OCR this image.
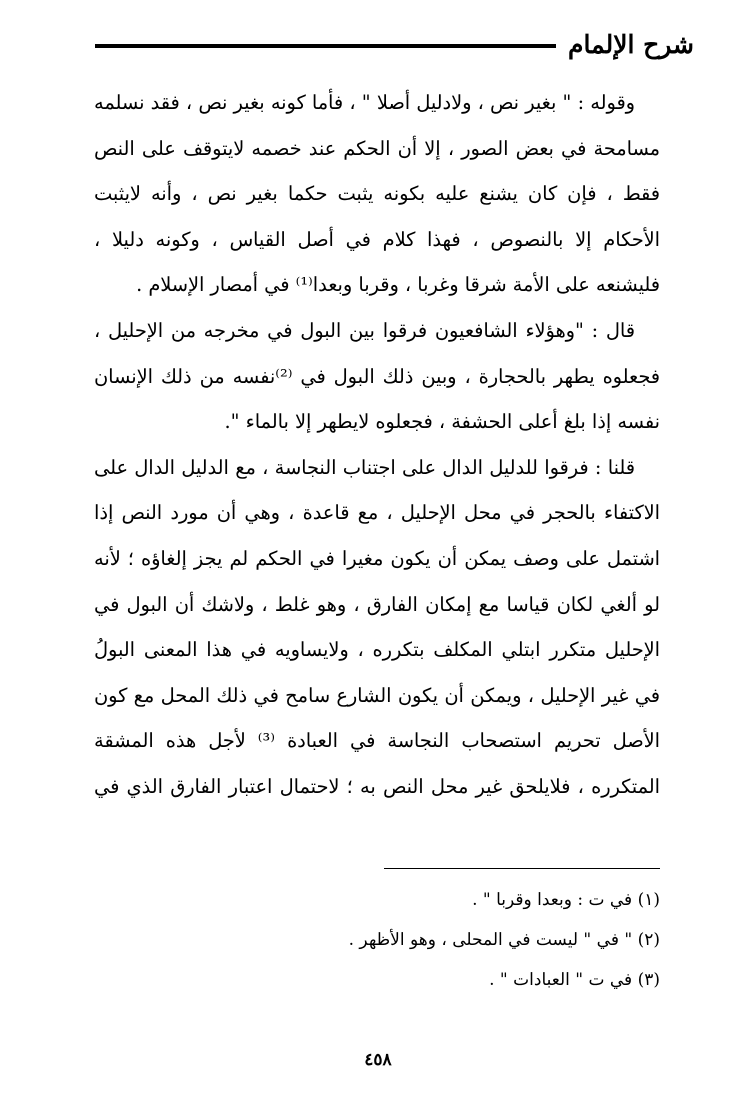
شرح الإلمام

وقوله : " بغير نص ، ولادليل أصلا " ، فأما كونه بغير نص ، فقد نسلمه مسامحة في بعض الصور ، إلا أن الحكم عند خصمه لايتوقف على النص فقط ، فإن كان يشنع عليه بكونه يثبت حكما بغير نص ، وأنه لايثبت الأحكام إلا بالنصوص ، فهذا كلام في أصل القياس ، وكونه دليلا ، فليشنعه على الأمة شرقا وغربا ، وقربا وبعدا⁽¹⁾ في أمصار الإسلام .

قال : "وهؤلاء الشافعيون فرقوا بين البول في مخرجه من الإحليل ، فجعلوه يطهر بالحجارة ، وبين ذلك البول في ⁽²⁾نفسه من ذلك الإنسان نفسه إذا بلغ أعلى الحشفة ، فجعلوه لايطهر إلا بالماء ".

قلنا : فرقوا للدليل الدال على اجتناب النجاسة ، مع الدليل الدال على الاكتفاء بالحجر في محل الإحليل ، مع قاعدة ، وهي أن مورد النص إذا اشتمل على وصف يمكن أن يكون مغيرا في الحكم لم يجز إلغاؤه ؛ لأنه لو ألغي لكان قياسا مع إمكان الفارق ، وهو غلط ، ولاشك أن البول في الإحليل متكرر ابتلي المكلف بتكرره ، ولايساويه في هذا المعنى البولُ في غير الإحليل ، ويمكن أن يكون الشارع سامح في ذلك المحل مع كون الأصل تحريم استصحاب النجاسة في العبادة ⁽³⁾ لأجل هذه المشقة المتكرره ، فلايلحق غير محل النص به ؛ لاحتمال اعتبار الفارق الذي في

(١) في ت : وبعدا وقربا " .

(٢) " في " ليست في المحلى ، وهو الأظهر .

(٣) في ت " العبادات " .

٤٥٨
